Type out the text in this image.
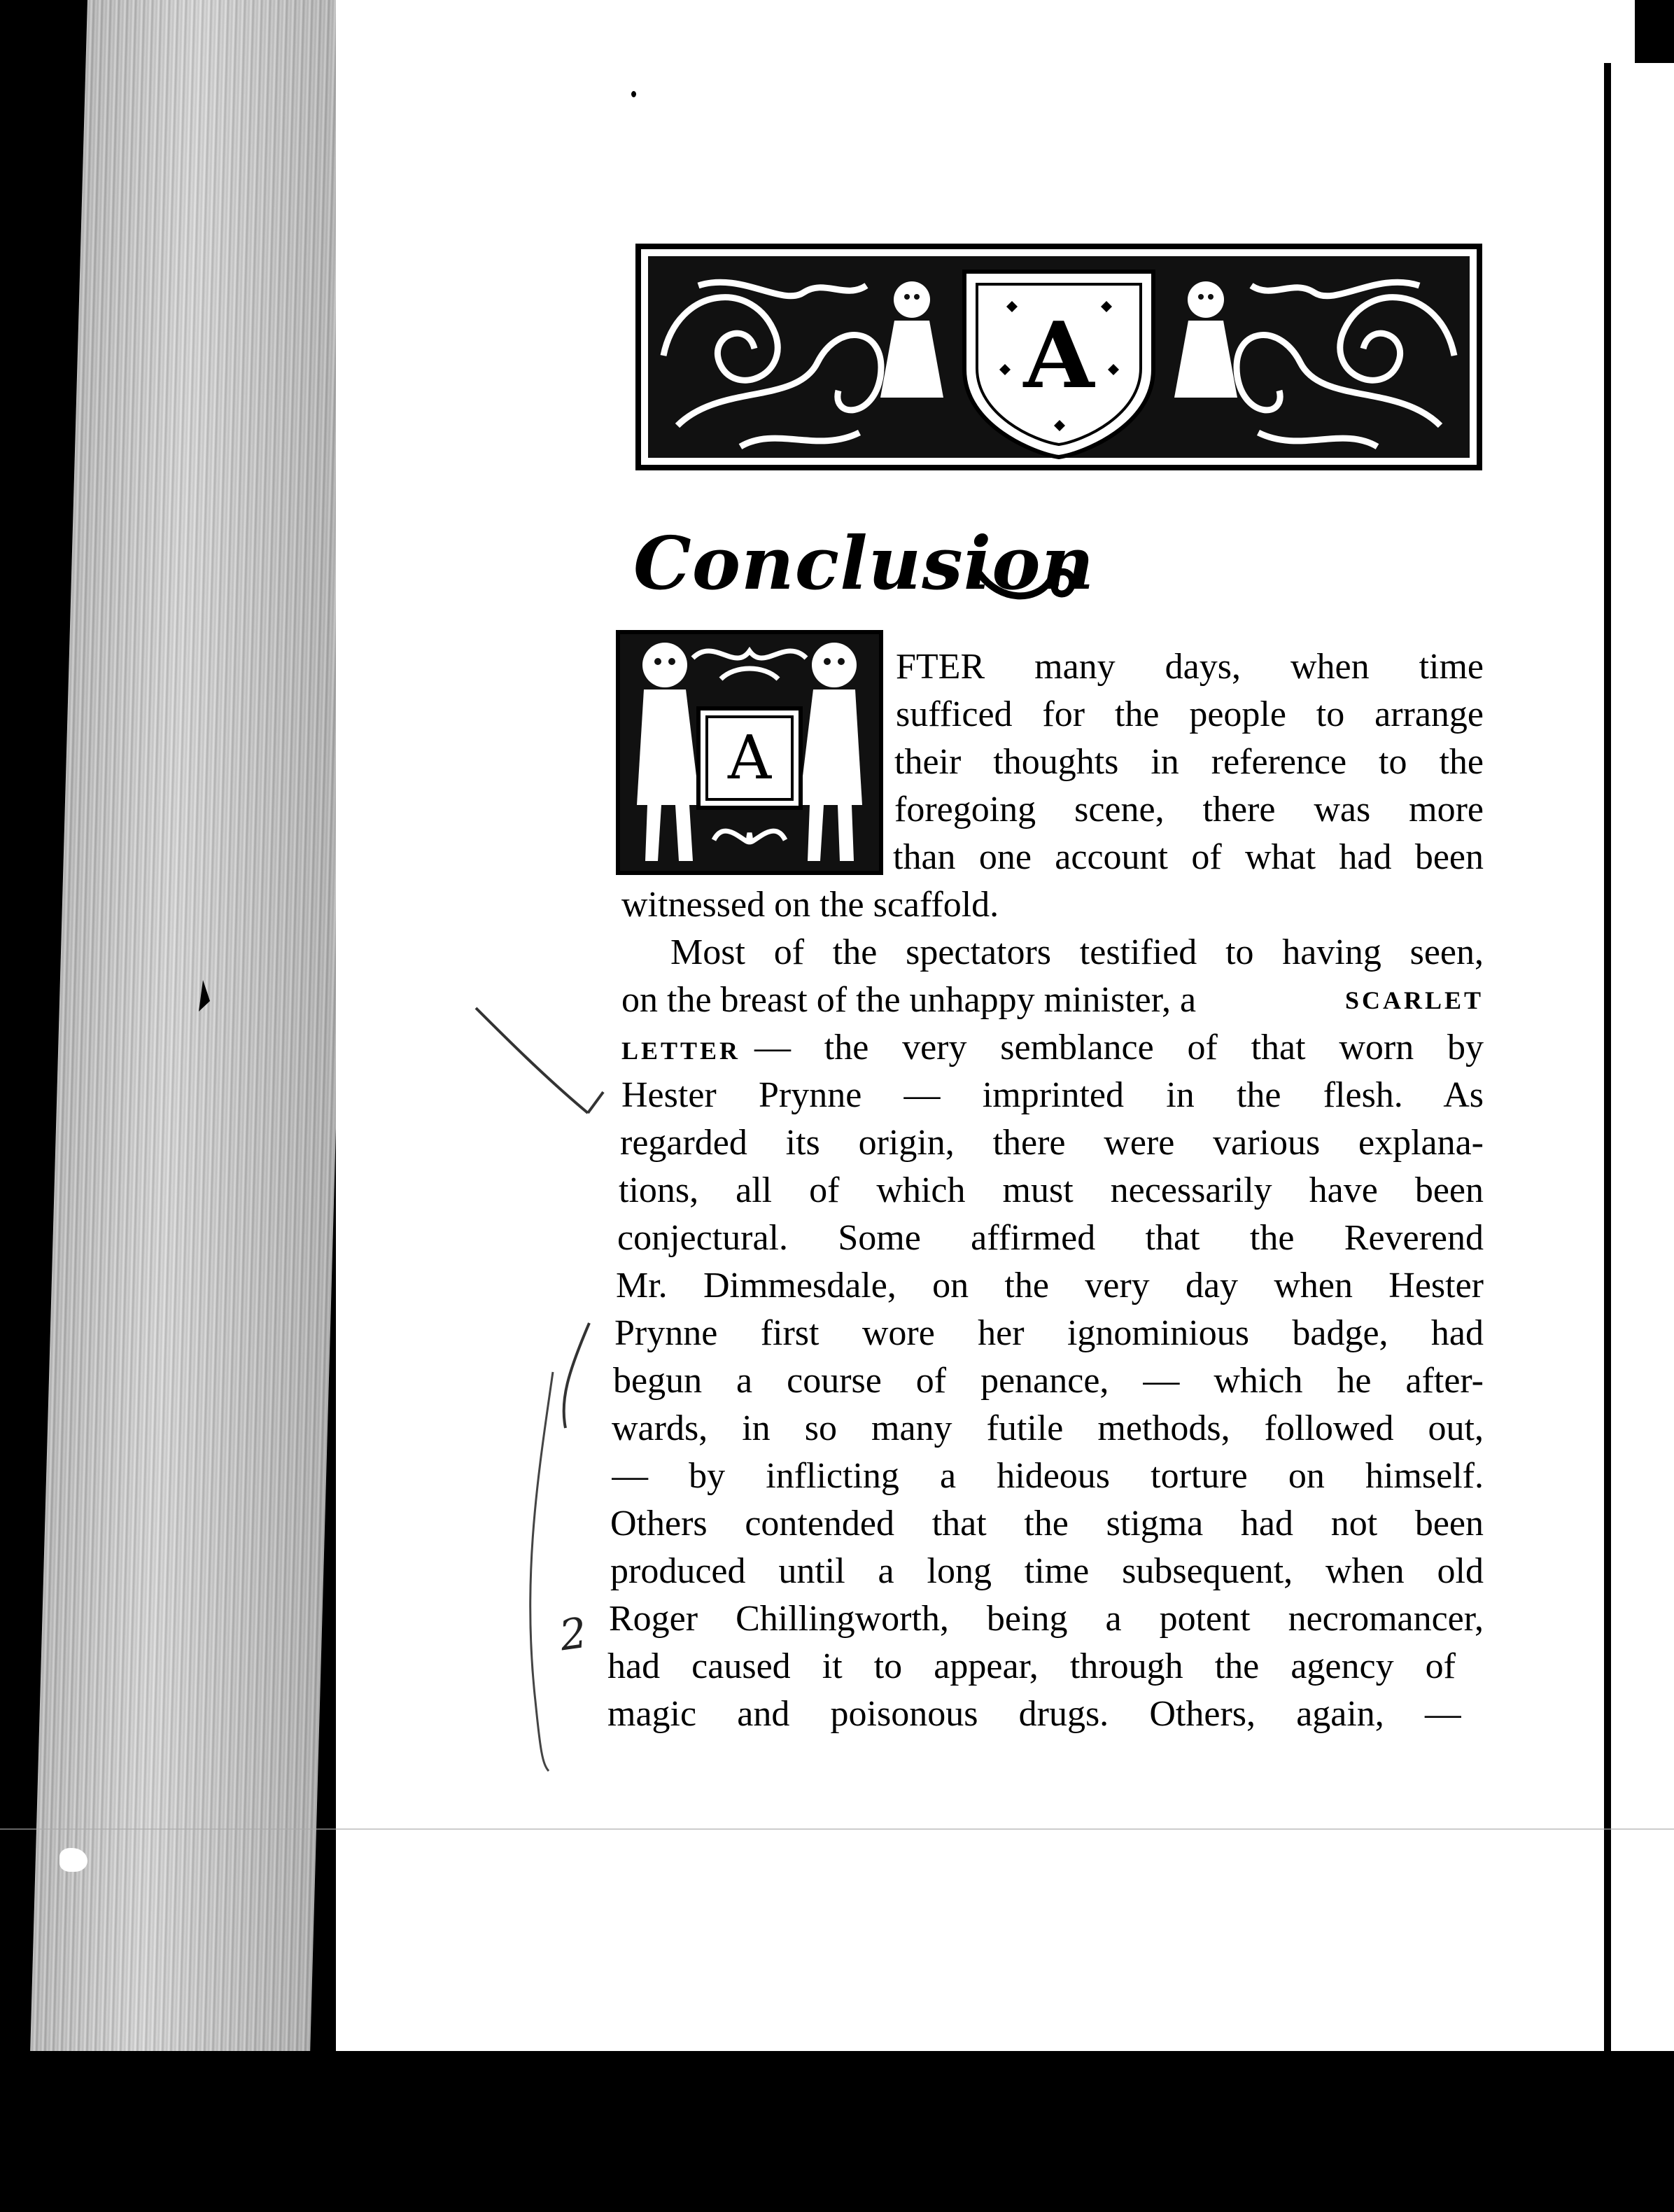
A
Conclusion
A

FTER many days, when time

sufficed for the people to arrange

their thoughts in reference to the

foregoing scene, there was more

than one account of what had been

witnessed on the scaffold.

Most of the spectators testified to having seen,

on the breast of the unhappy minister, a	SCARLET
LETTER — the very semblance of that worn by

Hester Prynne — imprinted in the flesh. As

regarded its origin, there were various explana-

tions, all of which must necessarily have been

conjectural. Some affirmed that the Reverend

Mr. Dimmesdale, on the very day when Hester

Prynne first wore her ignominious badge, had

begun a course of penance, — which he after-

wards, in so many futile methods, followed out,

— by inflicting a hideous torture on himself.

Others contended that the stigma had not been

produced until a long time subsequent, when old

Roger Chillingworth, being a potent necromancer,

had caused it to appear, through the agency of

magic and poisonous drugs. Others, again, —

2
